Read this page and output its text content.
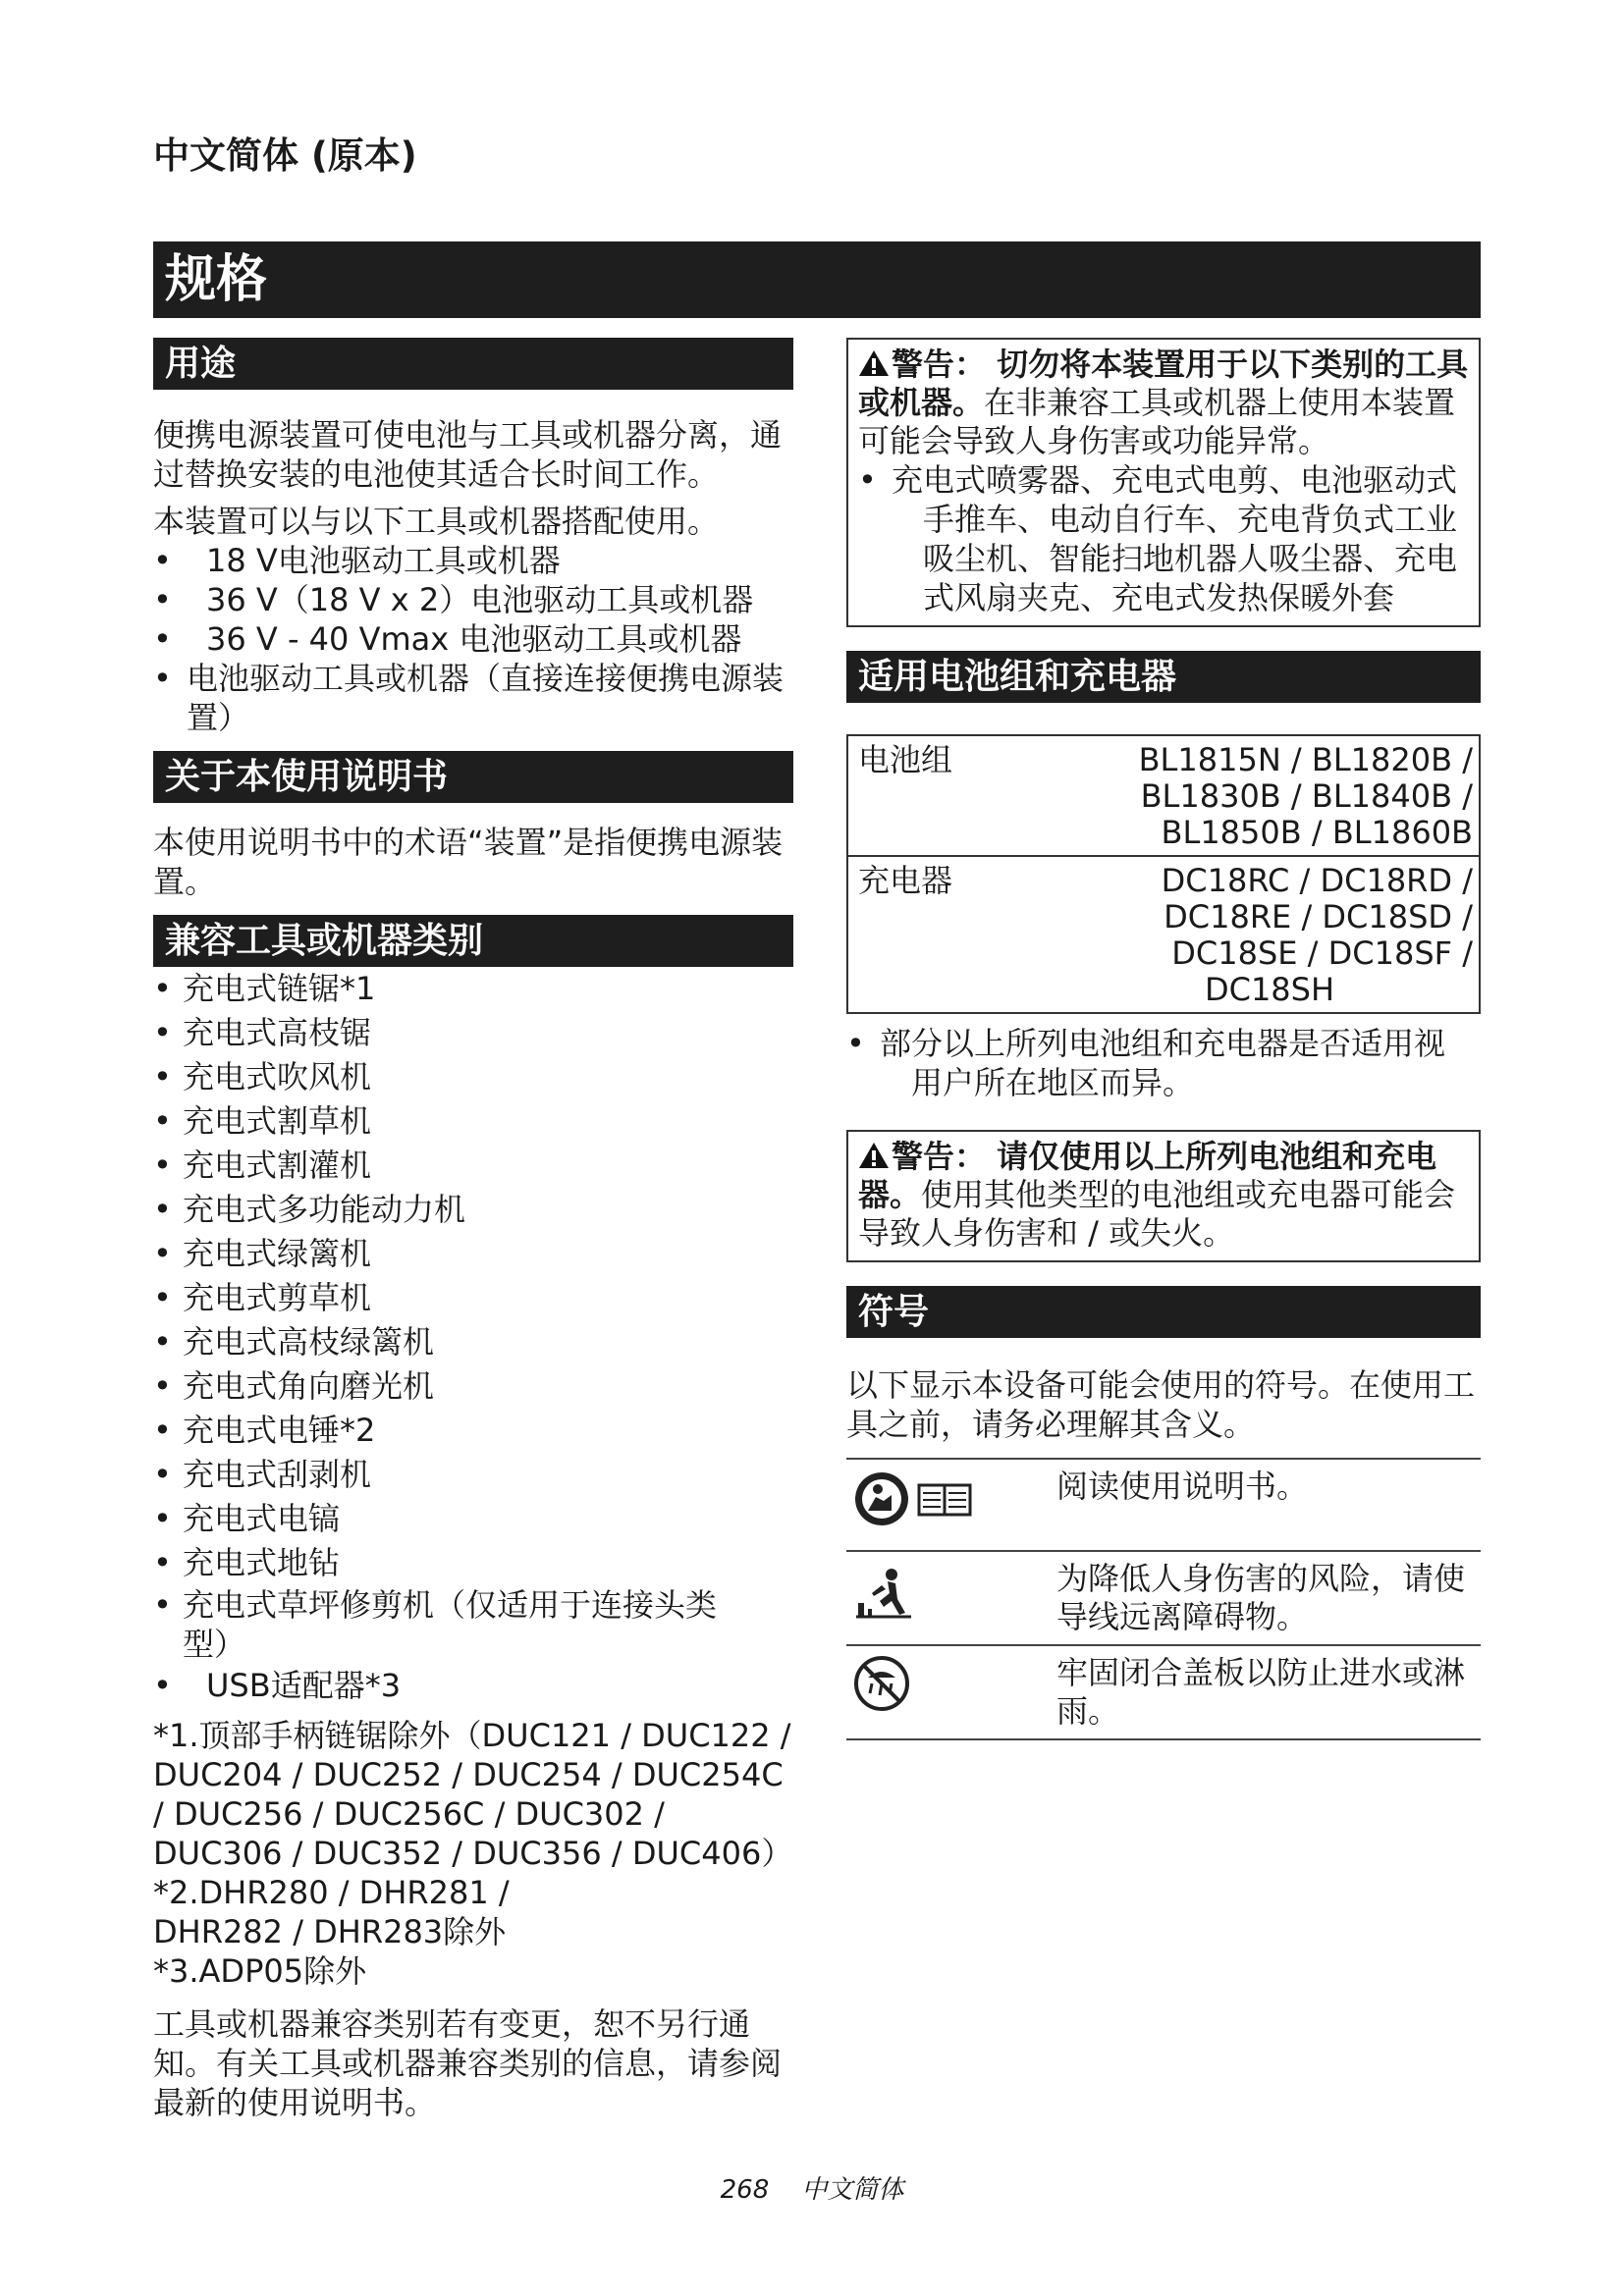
中文简体 (原本)
规格
用途
便携电源装置可使电池与工具或机器分离，通过替换安装的电池使其适合长时间工作。
本装置可以与以下工具或机器搭配使用。
• 18 V电池驱动工具或机器
• 36 V（18 V x 2）电池驱动工具或机器
• 36 V - 40 Vmax 电池驱动工具或机器
• 电池驱动工具或机器（直接连接便携电源装置）
关于本使用说明书
本使用说明书中的术语“装置”是指便携电源装置。
兼容工具或机器类别
• 充电式链锯*1
• 充电式高枝锯
• 充电式吹风机
• 充电式割草机
• 充电式割灌机
• 充电式多功能动力机
• 充电式绿篱机
• 充电式剪草机
• 充电式高枝绿篱机
• 充电式角向磨光机
• 充电式电锤*2
• 充电式刮剥机
• 充电式电镐
• 充电式地钻
• 充电式草坪修剪机（仅适用于连接头类型）
• USB适配器*3
*1.顶部手柄链锯除外（DUC121 / DUC122 / DUC204 / DUC252 / DUC254 / DUC254C / DUC256 / DUC256C / DUC302 / DUC306 / DUC352 / DUC356 / DUC406）
*2.DHR280 / DHR281 / DHR282 / DHR283除外
*3.ADP05除外
工具或机器兼容类别若有变更，恕不另行通知。有关工具或机器兼容类别的信息，请参阅最新的使用说明书。
警告： 切勿将本装置用于以下类别的工具或机器。在非兼容工具或机器上使用本装置可能会导致人身伤害或功能异常。
• 充电式喷雾器、充电式电剪、电池驱动式手推车、电动自行车、充电背负式工业吸尘机、智能扫地机器人吸尘器、充电式风扇夹克、充电式发热保暖外套
适用电池组和充电器
电池组	BL1815N / BL1820B /
BL1830B / BL1840B /
BL1850B / BL1860B

充电器	DC18RC / DC18RD /
DC18RE / DC18SD /
DC18SE / DC18SF /
DC18SH
• 部分以上所列电池组和充电器是否适用视用户所在地区而异。
警告： 请仅使用以上所列电池组和充电器。使用其他类型的电池组或充电器可能会导致人身伤害和 / 或失火。
符号
以下显示本设备可能会使用的符号。在使用工具之前，请务必理解其含义。
	阅读使用说明书。
	为降低人身伤害的风险，请使导线远离障碍物。
	牢固闭合盖板以防止进水或淋雨。
268 中文简体
